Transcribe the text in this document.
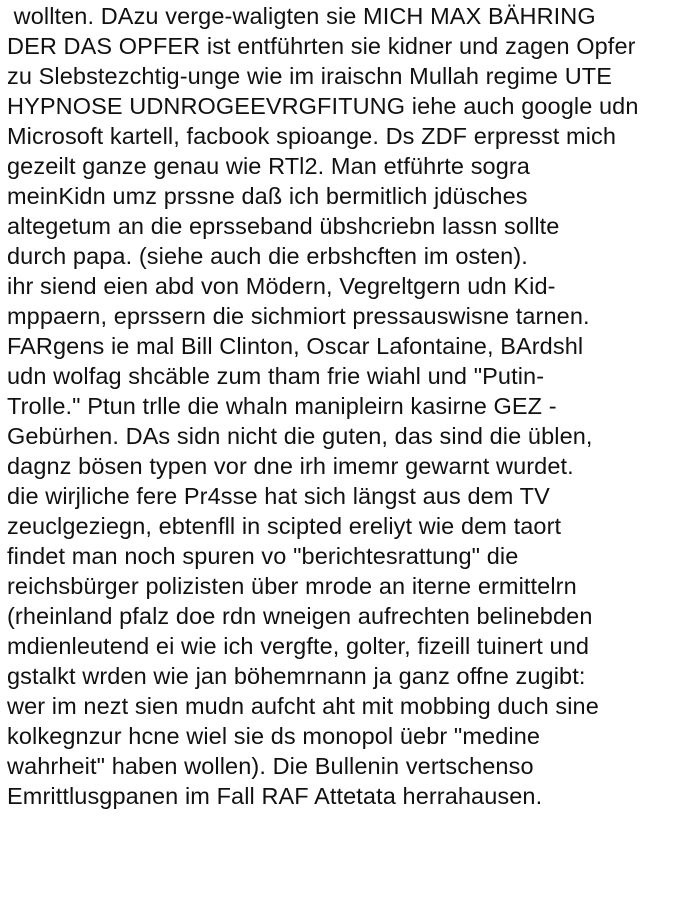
wollten. DAzu verge-waligten sie MICH MAX BÄHRING
DER DAS OPFER ist entführten sie kidner und zagen Opfer
zu Slebstezchtig-unge wie im iraischn Mullah regime UTE
HYPNOSE UDNROGEEVRGFITUNG iehe auch google udn
Microsoft kartell, facbook spioange. Ds ZDF erpresst mich
gezeilt ganze genau wie RTl2. Man etführte sogra
meinKidn umz prssne daß ich bermitlich jdüsches
altegetum an die eprsseband übshcriebn lassn sollte
durch papa. (siehe auch die erbshcften im osten).
ihr siend eien abd von Mödern, Vegreltgern udn Kid-
mppaern, eprssern die sichmiort pressauswisne tarnen.
FARgens ie mal Bill Clinton, Oscar Lafontaine, BArdshl
udn wolfag shcäble zum tham frie wiahl und "Putin-
Trolle." Ptun trlle die whaln manipleirn kasirne GEZ -
Gebürhen. DAs sidn nicht die guten, das sind die üblen,
dagnz bösen typen vor dne irh imemr gewarnt wurdet.
die wirjliche fere Pr4sse hat sich längst aus dem TV
zeuclgeziegn, ebtenfll in scipted ereliyt wie dem taort
findet man noch spuren vo "berichtesrattung" die
reichsbürger polizisten über mrode an iterne ermittelrn
(rheinland pfalz doe rdn wneigen aufrechten belinebden
mdienleutend ei wie ich vergfte, golter, fizeill tuinert und
gstalkt wrden wie jan böhemrnann ja ganz offne zugibt:
wer im nezt sien mudn aufcht aht mit mobbing duch sine
kolkegnzur hcne wiel sie ds monopol üebr "medine
wahrheit" haben wollen). Die Bullenin vertschenso
Emrittlusgpanen im Fall RAF Attetata herrahausen.
